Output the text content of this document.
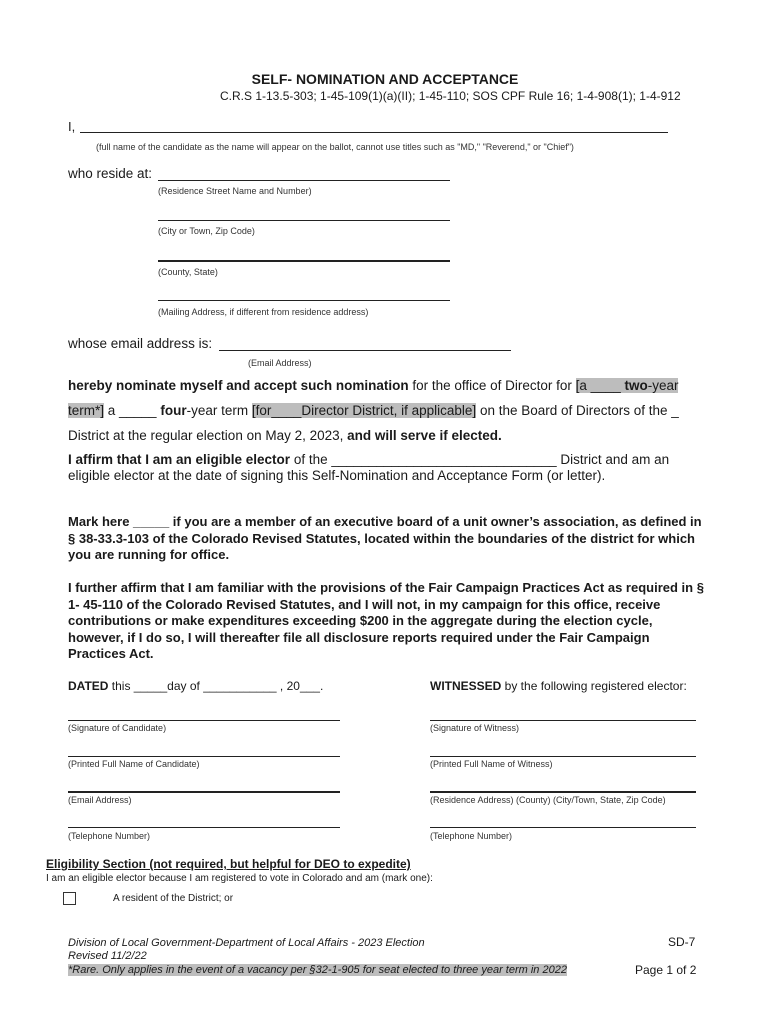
SELF- NOMINATION AND ACCEPTANCE
C.R.S 1-13.5-303; 1-45-109(1)(a)(II); 1-45-110; SOS CPF Rule 16; 1-4-908(1); 1-4-912
I,
(full name of the candidate as the name will appear on the ballot, cannot use titles such as "MD," "Reverend," or "Chief")
who reside at:
(Residence Street Name and Number)
(City or Town, Zip Code)
(County, State)
(Mailing Address, if different from residence address)
whose email address is:
(Email Address)
hereby nominate myself and accept such nomination for the office of Director for [a ____ two-year
term*] a _____ four-year term [for____Director District, if applicable] on the Board of Directors of the _
District at the regular election on May 2, 2023, and will serve if elected.
I affirm that I am an eligible elector of the ______________________________ District and am an
eligible elector at the date of signing this Self-Nomination and Acceptance Form (or letter).
Mark here _____ if you are a member of an executive board of a unit owner’s association, as defined in § 38-33.3-103 of the Colorado Revised Statutes, located within the boundaries of the district for which you are running for office.
I further affirm that I am familiar with the provisions of the Fair Campaign Practices Act as required in § 1- 45-110 of the Colorado Revised Statutes, and I will not, in my campaign for this office, receive contributions or make expenditures exceeding $200 in the aggregate during the election cycle, however, if I do so, I will thereafter file all disclosure reports required under the Fair Campaign Practices Act.
DATED this _____day of ___________ , 20___.	WITNESSED by the following registered elector:
(Signature of Candidate)
(Printed Full Name of Candidate)
(Email Address)
(Telephone Number)
(Signature of Witness)
(Printed Full Name of Witness)
(Residence Address) (County) (City/Town, State, Zip Code)
(Telephone Number)
Eligibility Section (not required, but helpful for DEO to expedite)
I am an eligible elector because I am registered to vote in Colorado and am (mark one):
A resident of the District; or
Division of Local Government-Department of Local Affairs - 2023 Election
Revised 11/2/22
*Rare. Only applies in the event of a vacancy per §32-1-905 for seat elected to three year term in 2022
SD-7
Page 1 of 2
